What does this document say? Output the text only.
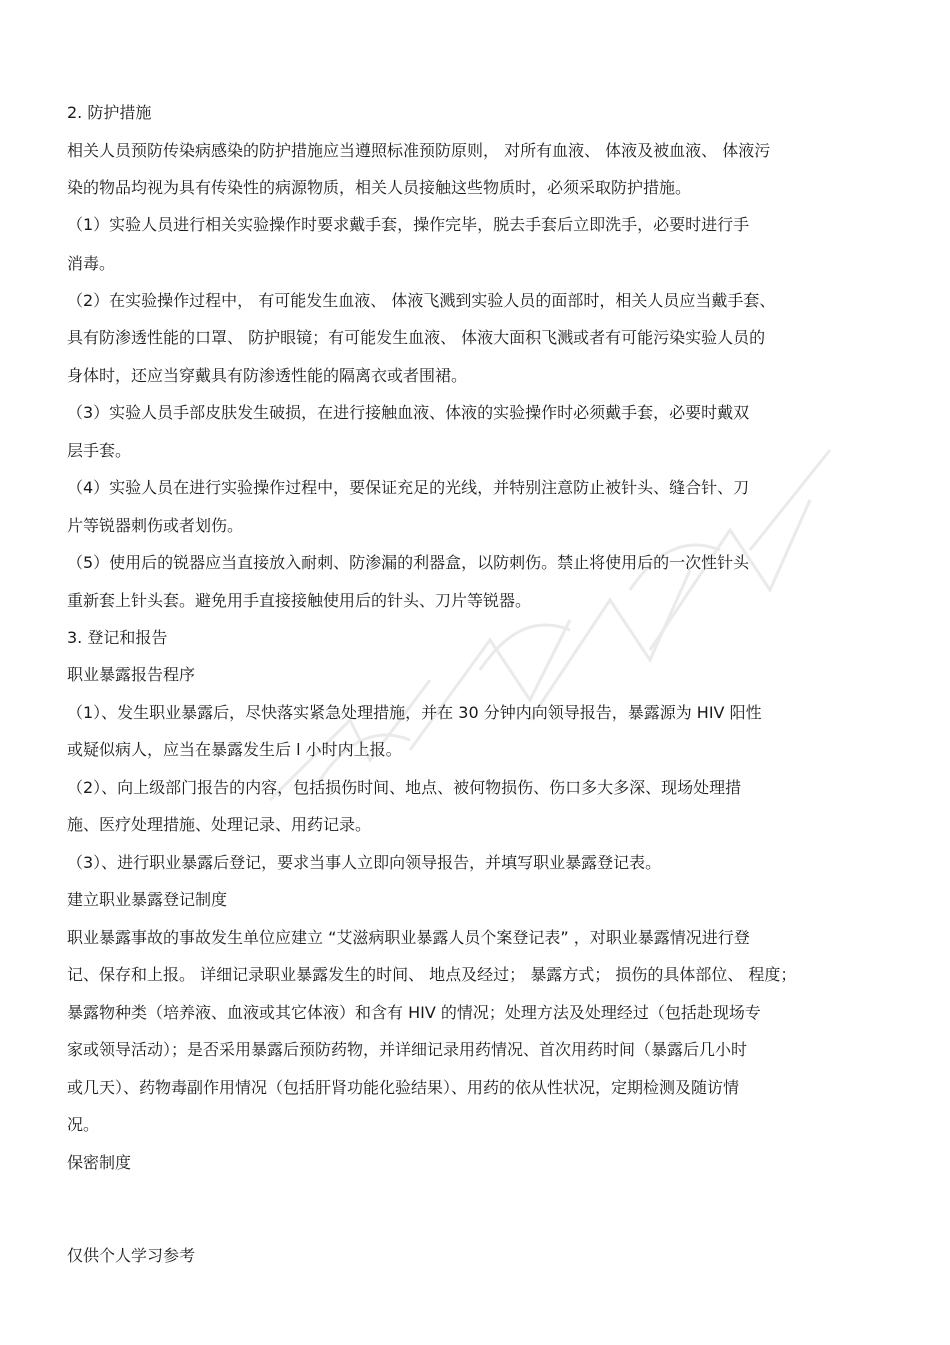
2. 防护措施
相关人员预防传染病感染的防护措施应当遵照标准预防原则， 对所有血液、 体液及被血液、 体液污
染的物品均视为具有传染性的病源物质，相关人员接触这些物质时，必须采取防护措施。
（1）实验人员进行相关实验操作时要求戴手套，操作完毕，脱去手套后立即洗手，必要时进行手
消毒。
（2）在实验操作过程中， 有可能发生血液、 体液飞溅到实验人员的面部时，相关人员应当戴手套、
具有防渗透性能的口罩、 防护眼镜；有可能发生血液、 体液大面积飞溅或者有可能污染实验人员的
身体时，还应当穿戴具有防渗透性能的隔离衣或者围裙。
（3）实验人员手部皮肤发生破损，在进行接触血液、体液的实验操作时必须戴手套，必要时戴双
层手套。
（4）实验人员在进行实验操作过程中，要保证充足的光线，并特别注意防止被针头、缝合针、刀
片等锐器刺伤或者划伤。
（5）使用后的锐器应当直接放入耐刺、防渗漏的利器盒，以防刺伤。禁止将使用后的一次性针头
重新套上针头套。避免用手直接接触使用后的针头、刀片等锐器。
3. 登记和报告
职业暴露报告程序
（1）、发生职业暴露后，尽快落实紧急处理措施，并在 30 分钟内向领导报告，暴露源为 HIV 阳性
或疑似病人，应当在暴露发生后 l 小时内上报。
（2）、向上级部门报告的内容，包括损伤时间、地点、被何物损伤、伤口多大多深、现场处理措
施、医疗处理措施、处理记录、用药记录。
（3）、进行职业暴露后登记，要求当事人立即向领导报告，并填写职业暴露登记表。
建立职业暴露登记制度
职业暴露事故的事故发生单位应建立 “艾滋病职业暴露人员个案登记表” ，对职业暴露情况进行登
记、保存和上报。 详细记录职业暴露发生的时间、 地点及经过； 暴露方式； 损伤的具体部位、 程度；
暴露物种类（培养液、血液或其它体液）和含有 HIV 的情况；处理方法及处理经过（包括赴现场专
家或领导活动）；是否采用暴露后预防药物，并详细记录用药情况、首次用药时间（暴露后几小时
或几天）、药物毒副作用情况（包括肝肾功能化验结果）、用药的依从性状况，定期检测及随访情
况。
保密制度
仅供个人学习参考
